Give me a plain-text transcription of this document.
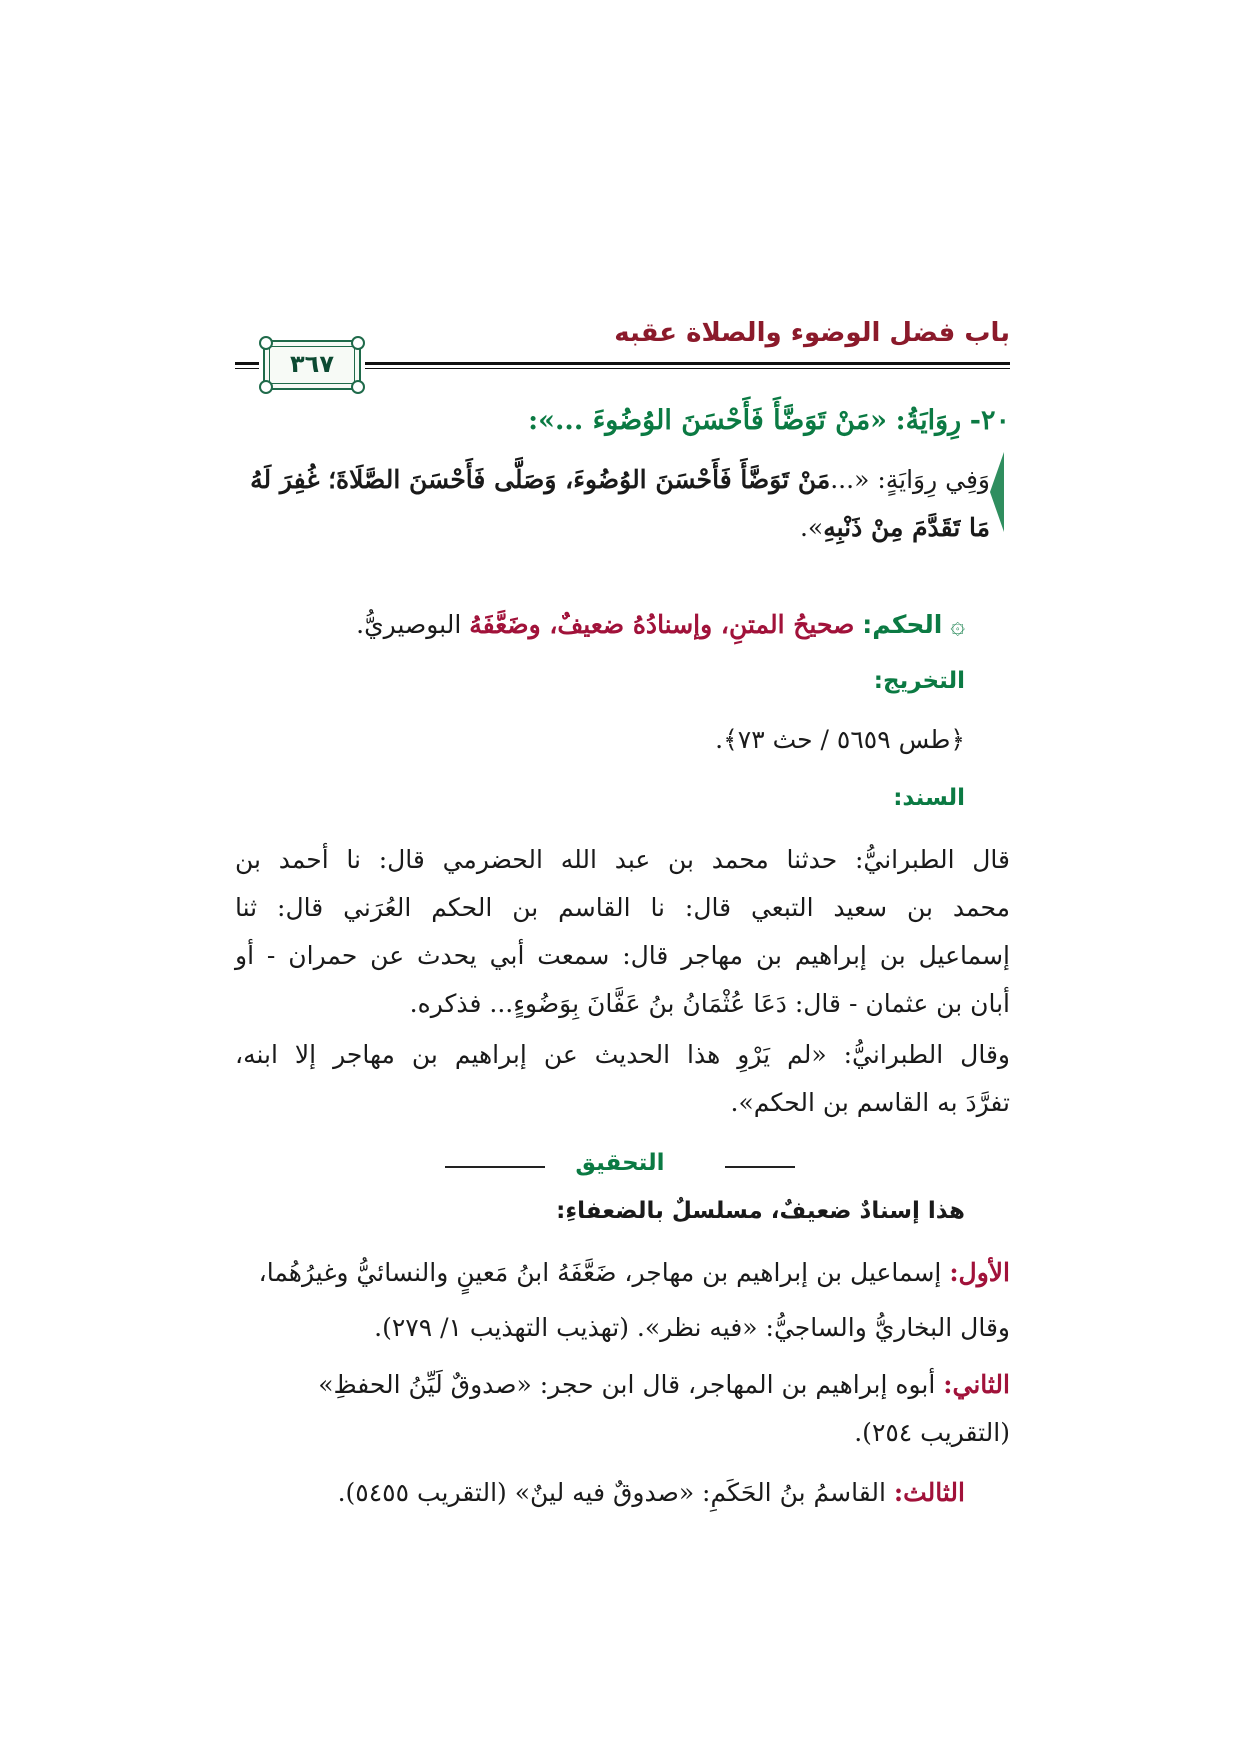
باب فضل الوضوء والصلاة عقبه
٣٦٧
٢٠- رِوَايَةُ: «مَنْ تَوَضَّأَ فَأَحْسَنَ الوُضُوءَ ...»:
وَفِي رِوَايَةٍ: «...مَنْ تَوَضَّأَ فَأَحْسَنَ الوُضُوءَ، وَصَلَّى فَأَحْسَنَ الصَّلَاةَ؛ غُفِرَ لَهُ
مَا تَقَدَّمَ مِنْ ذَنْبِهِ».
۞ الحكم: صحيحُ المتنِ، وإسنادُهُ ضعيفٌ، وضَعَّفَهُ البوصيريُّ.
التخريج:
﴿طس ٥٦٥٩ / حث ٧٣﴾.
السند:
قال الطبرانيُّ: حدثنا محمد بن عبد الله الحضرمي قال: نا أحمد بن
محمد بن سعيد التبعي قال: نا القاسم بن الحكم العُرَني قال: ثنا
إسماعيل بن إبراهيم بن مهاجر قال: سمعت أبي يحدث عن حمران - أو
أبان بن عثمان - قال: دَعَا عُثْمَانُ بنُ عَفَّانَ بِوَضُوءٍ... فذكره.
وقال الطبرانيُّ: «لم يَرْوِ هذا الحديث عن إبراهيم بن مهاجر إلا ابنه،
تفرَّدَ به القاسم بن الحكم».
التحقيق
هذا إسنادٌ ضعيفٌ، مسلسلٌ بالضعفاءِ:
الأول: إسماعيل بن إبراهيم بن مهاجر، ضَعَّفَهُ ابنُ مَعينٍ والنسائيُّ وغيرُهُما،
وقال البخاريُّ والساجيُّ: «فيه نظر». (تهذيب التهذيب ١/ ٢٧٩).
الثاني: أبوه إبراهيم بن المهاجر، قال ابن حجر: «صدوقٌ لَيِّنُ الحفظِ»
(التقريب ٢٥٤).
الثالث: القاسمُ بنُ الحَكَمِ: «صدوقٌ فيه لينٌ» (التقريب ٥٤٥٥).
